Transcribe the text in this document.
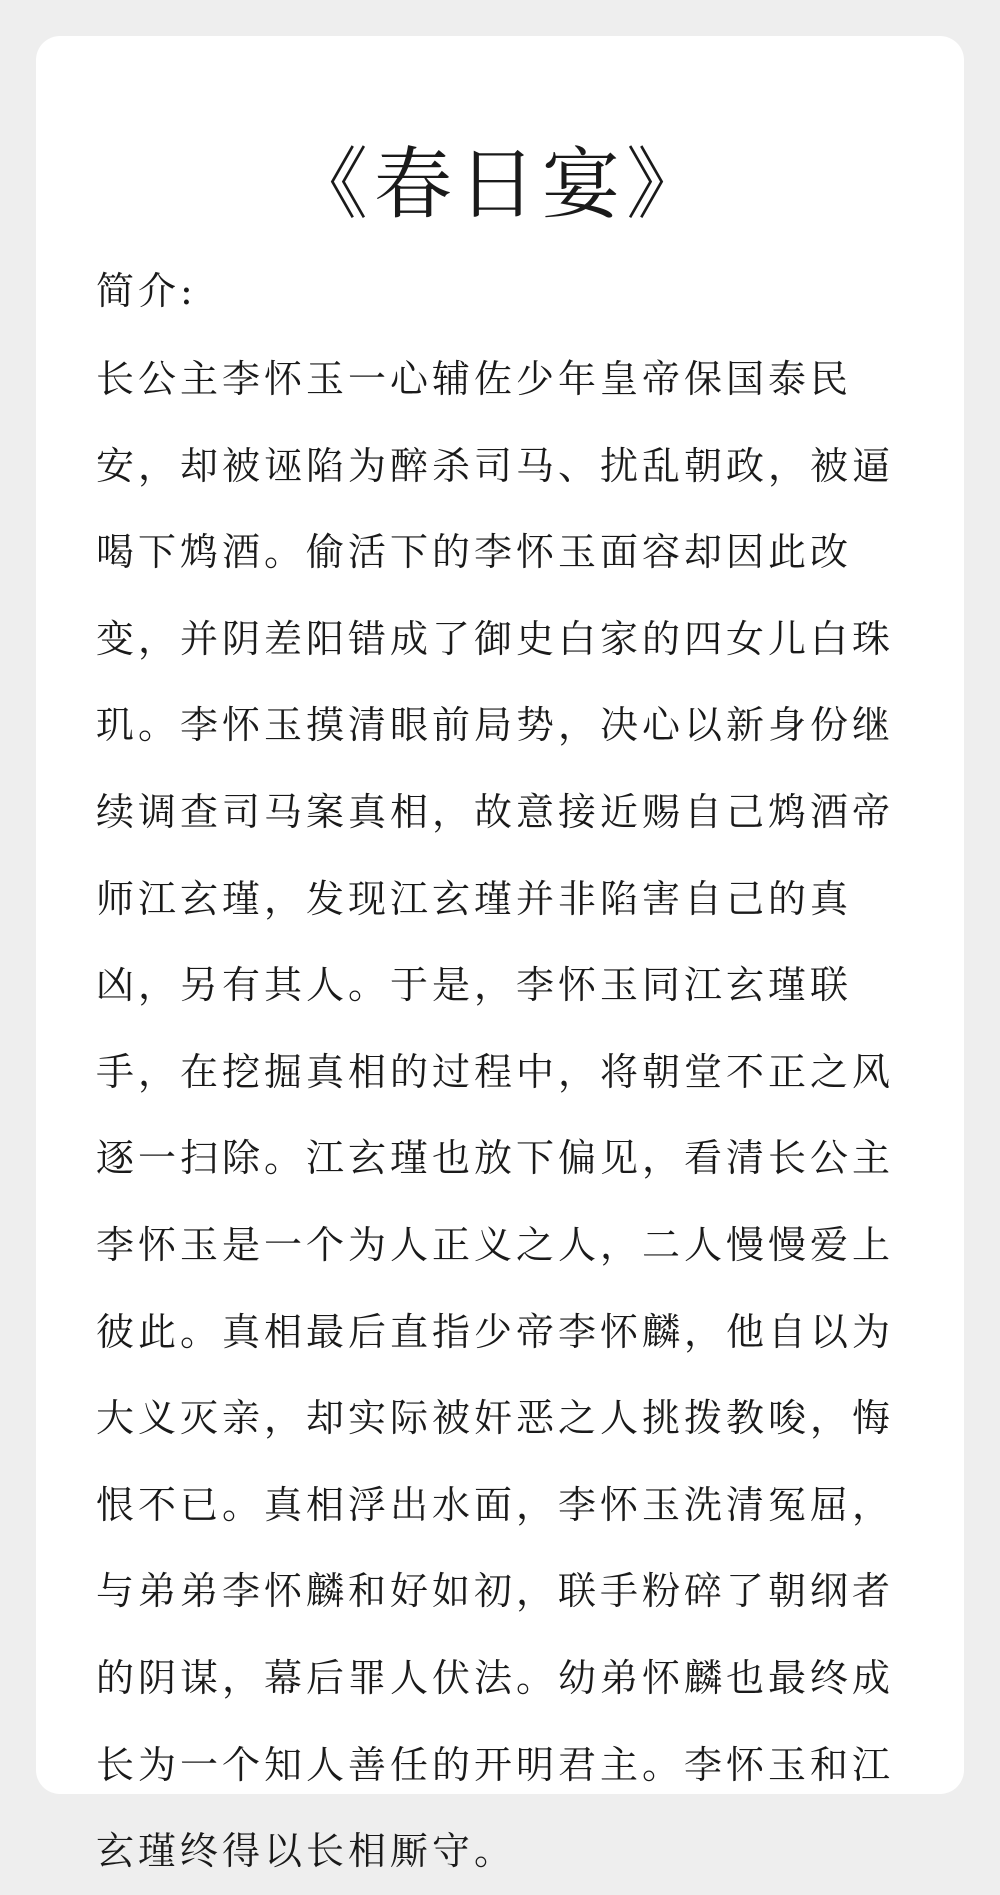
《春日宴》
简介:
长公主李怀玉一心辅佐少年皇帝保国泰民
安，却被诬陷为醉杀司马、扰乱朝政，被逼
喝下鸩酒。偷活下的李怀玉面容却因此改
变，并阴差阳错成了御史白家的四女儿白珠
玑。李怀玉摸清眼前局势，决心以新身份继
续调查司马案真相，故意接近赐自己鸩酒帝
师江玄瑾，发现江玄瑾并非陷害自己的真
凶，另有其人。于是，李怀玉同江玄瑾联
手，在挖掘真相的过程中，将朝堂不正之风
逐一扫除。江玄瑾也放下偏见，看清长公主
李怀玉是一个为人正义之人，二人慢慢爱上
彼此。真相最后直指少帝李怀麟，他自以为
大义灭亲，却实际被奸恶之人挑拨教唆，悔
恨不已。真相浮出水面，李怀玉洗清冤屈，
与弟弟李怀麟和好如初，联手粉碎了朝纲者
的阴谋，幕后罪人伏法。幼弟怀麟也最终成
长为一个知人善任的开明君主。李怀玉和江
玄瑾终得以长相厮守。
